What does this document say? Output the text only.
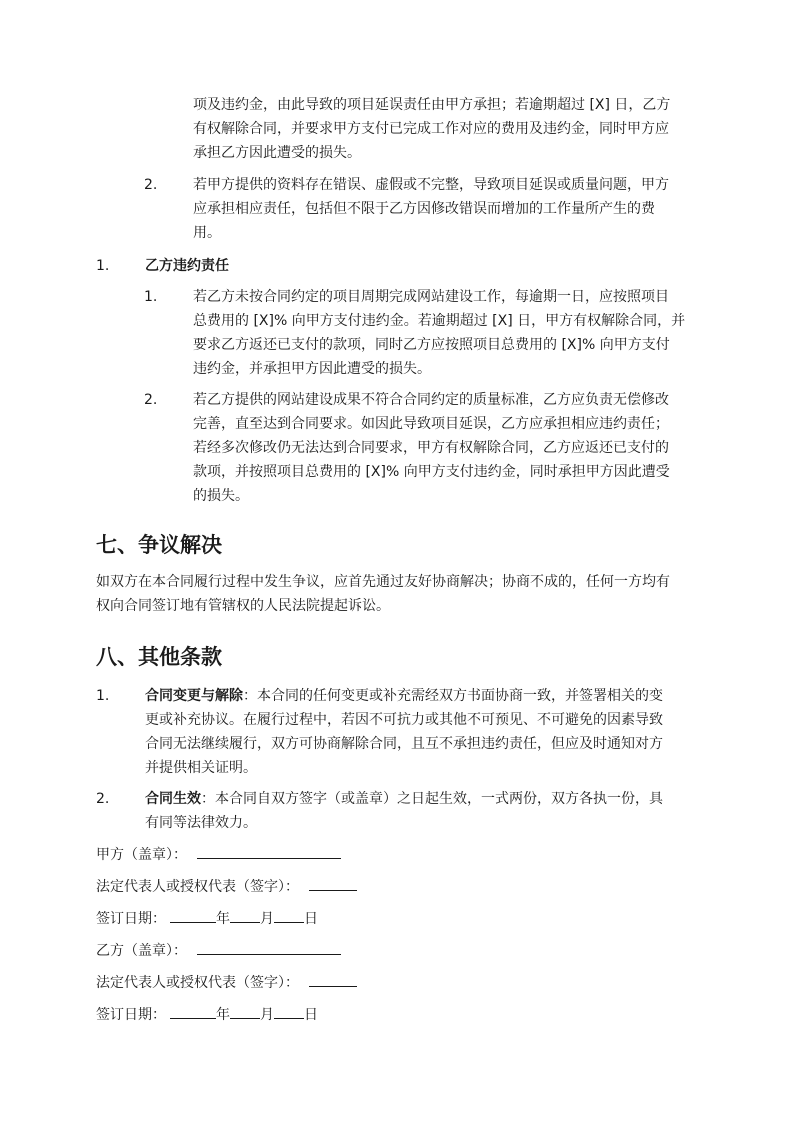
项及违约金，由此导致的项目延误责任由甲方承担；若逾期超过 [X] 日，乙方
有权解除合同，并要求甲方支付已完成工作对应的费用及违约金，同时甲方应
承担乙方因此遭受的损失。
2.	若甲方提供的资料存在错误、虚假或不完整，导致项目延误或质量问题，甲方
应承担相应责任，包括但不限于乙方因修改错误而增加的工作量所产生的费
用。
1.	乙方违约责任
1.	若乙方未按合同约定的项目周期完成网站建设工作，每逾期一日，应按照项目
总费用的 [X]% 向甲方支付违约金。若逾期超过 [X] 日，甲方有权解除合同，并
要求乙方返还已支付的款项，同时乙方应按照项目总费用的 [X]% 向甲方支付
违约金，并承担甲方因此遭受的损失。
2.	若乙方提供的网站建设成果不符合合同约定的质量标准，乙方应负责无偿修改
完善，直至达到合同要求。如因此导致项目延误，乙方应承担相应违约责任；
若经多次修改仍无法达到合同要求，甲方有权解除合同，乙方应返还已支付的
款项，并按照项目总费用的 [X]% 向甲方支付违约金，同时承担甲方因此遭受
的损失。
七、争议解决
如双方在本合同履行过程中发生争议，应首先通过友好协商解决；协商不成的，任何一方均有
权向合同签订地有管辖权的人民法院提起诉讼。
八、其他条款
1.	合同变更与解除：本合同的任何变更或补充需经双方书面协商一致，并签署相关的变
更或补充协议。在履行过程中，若因不可抗力或其他不可预见、不可避免的因素导致
合同无法继续履行，双方可协商解除合同，且互不承担违约责任，但应及时通知对方
并提供相关证明。
2.	合同生效：本合同自双方签字（或盖章）之日起生效，一式两份，双方各执一份，具
有同等法律效力。
甲方（盖章）：
法定代表人或授权代表（签字）：
签订日期：	年 月 日
乙方（盖章）：
法定代表人或授权代表（签字）：
签订日期：	年 月 日
